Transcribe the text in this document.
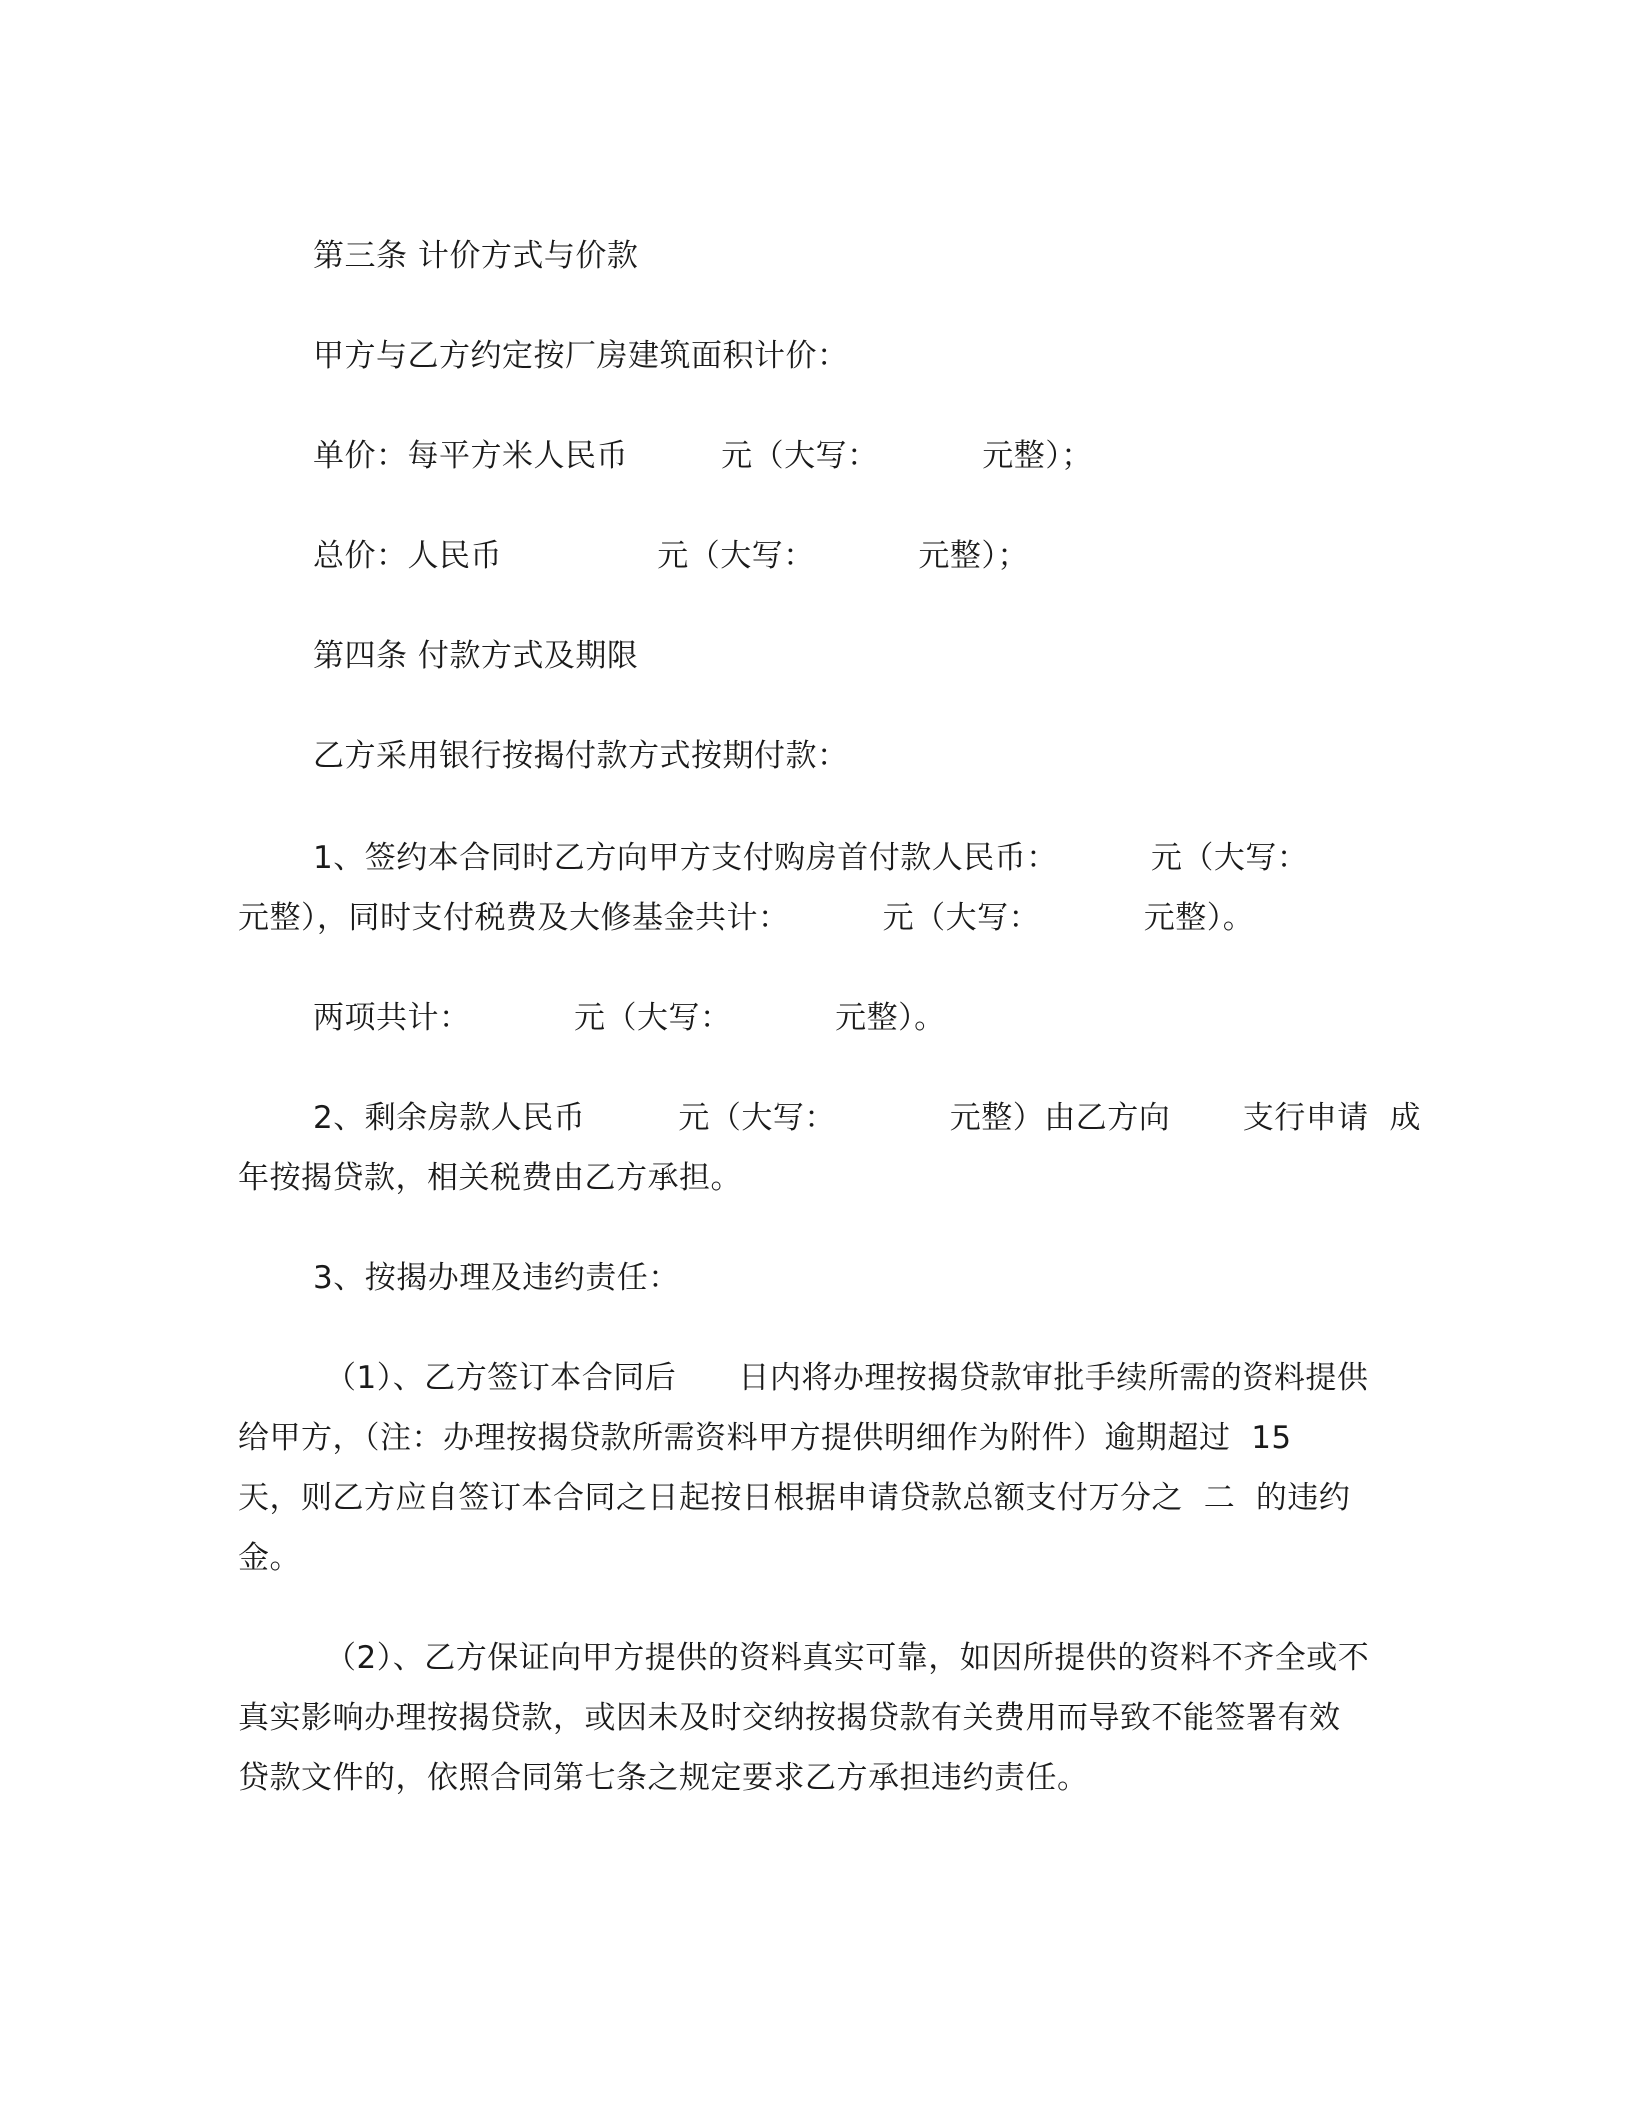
第三条 计价方式与价款
甲方与乙方约定按厂房建筑面积计价：
单价：每平方米人民币         元（大写：          元整）；
总价：人民币               元（大写：          元整）；
第四条 付款方式及期限
乙方采用银行按揭付款方式按期付款：
1、签约本合同时乙方向甲方支付购房首付款人民币：         元（大写：
元整），同时支付税费及大修基金共计：         元（大写：          元整）。
两项共计：          元（大写：          元整）。
2、剩余房款人民币         元（大写：           元整）由乙方向       支行申请  成
年按揭贷款，相关税费由乙方承担。
3、按揭办理及违约责任：
（1）、乙方签订本合同后      日内将办理按揭贷款审批手续所需的资料提供
给甲方，（注：办理按揭贷款所需资料甲方提供明细作为附件）逾期超过  15
天，则乙方应自签订本合同之日起按日根据申请贷款总额支付万分之  二  的违约
金。
（2）、乙方保证向甲方提供的资料真实可靠，如因所提供的资料不齐全或不
真实影响办理按揭贷款，或因未及时交纳按揭贷款有关费用而导致不能签署有效
贷款文件的，依照合同第七条之规定要求乙方承担违约责任。
